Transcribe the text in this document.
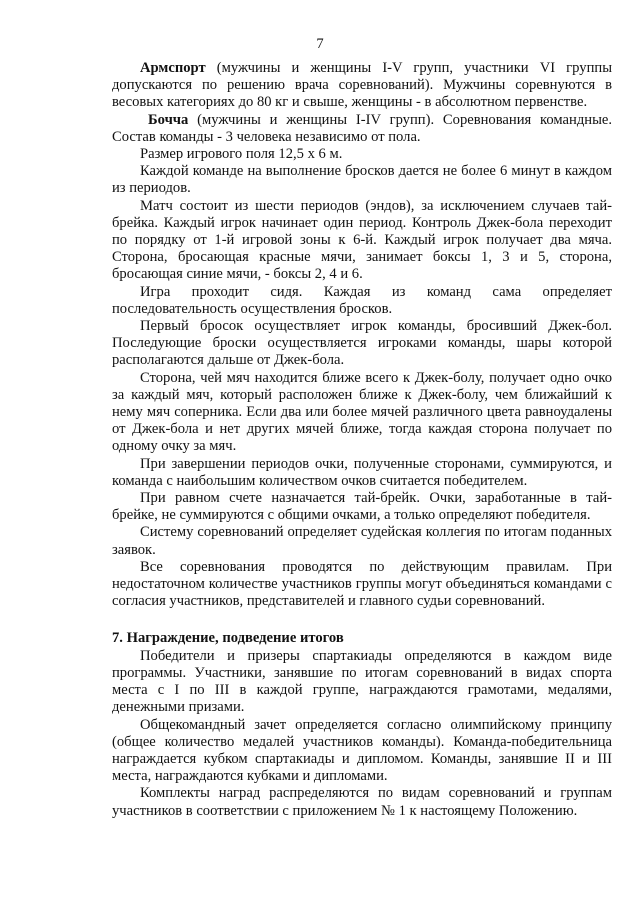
7

Армспорт (мужчины и женщины I-V групп, участники VI группы допускаются по решению врача соревнований). Мужчины соревнуются в весовых категориях до 80 кг и свыше, женщины - в абсолютном первенстве.

Бочча (мужчины и женщины I-IV групп). Соревнования командные. Состав команды - 3 человека независимо от пола.

Размер игрового поля 12,5 х 6 м.

Каждой команде на выполнение бросков дается не более 6 минут в каждом из периодов.

Матч состоит из шести периодов (эндов), за исключением случаев тай-брейка. Каждый игрок начинает один период. Контроль Джек-бола переходит по порядку от 1-й игровой зоны к 6-й. Каждый игрок получает два мяча. Сторона, бросающая красные мячи, занимает боксы 1, 3 и 5, сторона, бросающая синие мячи, - боксы 2, 4 и 6.

Игра проходит сидя. Каждая из команд сама определяет последовательность осуществления бросков.

Первый бросок осуществляет игрок команды, бросивший Джек-бол. Последующие броски осуществляется игроками команды, шары которой располагаются дальше от Джек-бола.

Сторона, чей мяч находится ближе всего к Джек-болу, получает одно очко за каждый мяч, который расположен ближе к Джек-болу, чем ближайший к нему мяч соперника. Если два или более мячей различного цвета равноудалены от Джек-бола и нет других мячей ближе, тогда каждая сторона получает по одному очку за мяч.

При завершении периодов очки, полученные сторонами, суммируются, и команда с наибольшим количеством очков считается победителем.

При равном счете назначается тай-брейк. Очки, заработанные в тай-брейке, не суммируются с общими очками, а только определяют победителя.

Систему соревнований определяет судейская коллегия по итогам поданных заявок.

Все соревнования проводятся по действующим правилам. При недостаточном количестве участников группы могут объединяться командами с согласия участников, представителей и главного судьи соревнований.

7. Награждение, подведение итогов

Победители и призеры спартакиады определяются в каждом виде программы. Участники, занявшие по итогам соревнований в видах спорта места с I по III в каждой группе, награждаются грамотами, медалями, денежными призами.

Общекомандный зачет определяется согласно олимпийскому принципу (общее количество медалей участников команды). Команда-победительница награждается кубком спартакиады и дипломом. Команды, занявшие II и III места, награждаются кубками и дипломами.

Комплекты наград распределяются по видам соревнований и группам участников в соответствии с приложением № 1 к настоящему Положению.
